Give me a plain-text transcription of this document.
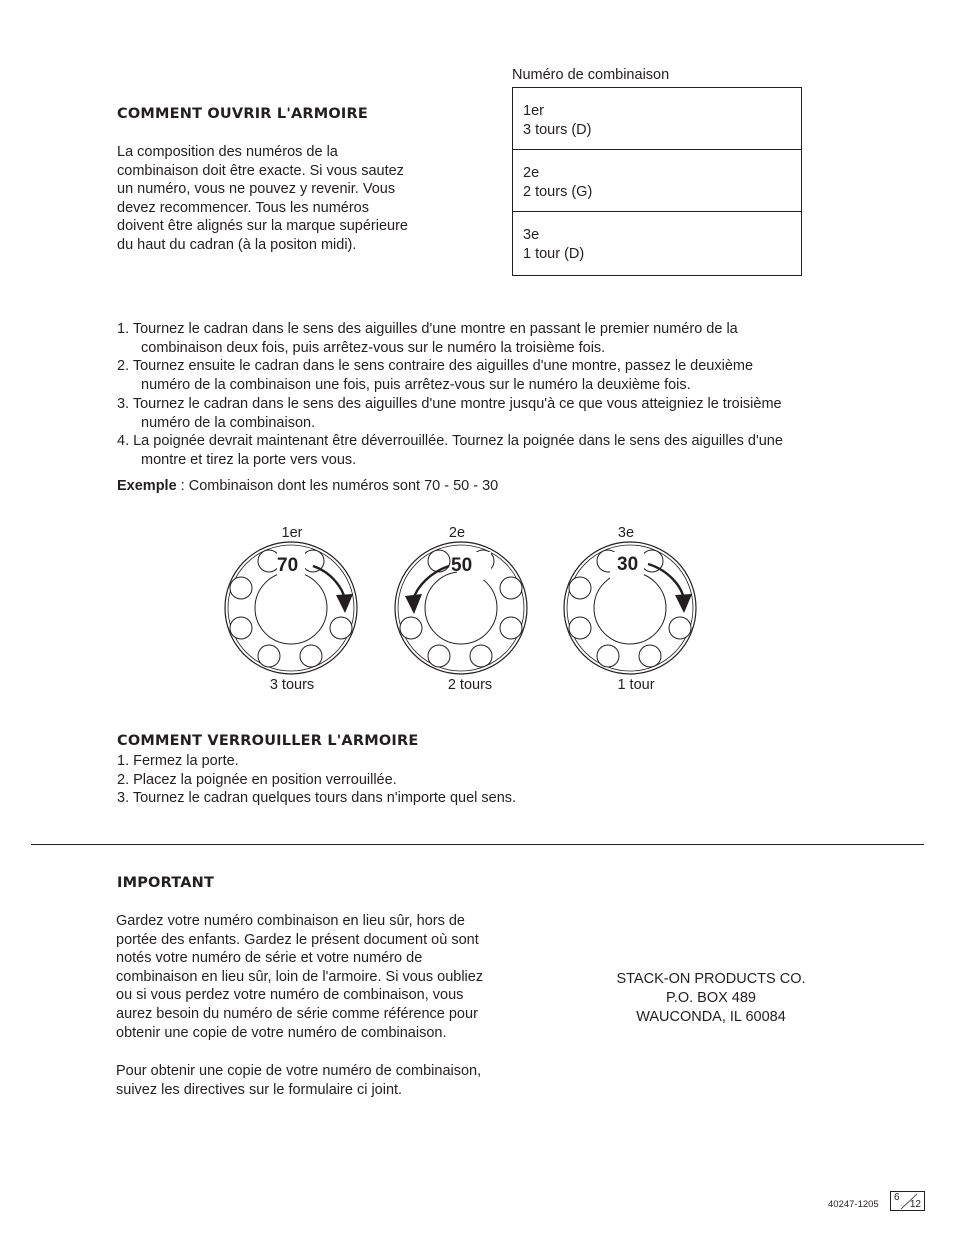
COMMENT OUVRIR L'ARMOIRE
La composition des numéros de la
combinaison doit être exacte. Si vous sautez
un numéro, vous ne pouvez y revenir. Vous
devez recommencer. Tous les numéros
doivent être alignés sur la marque supérieure
du haut du cadran (à la positon midi).
Numéro de combinaison
1er
3 tours (D)
2e
2 tours (G)
3e
1 tour (D)
1. Tournez le cadran dans le sens des aiguilles d'une montre en passant le premier numéro de la
combinaison deux fois, puis arrêtez-vous sur le numéro la troisième fois.
2. Tournez ensuite le cadran dans le sens contraire des aiguilles d'une montre, passez le deuxième
numéro de la combinaison une fois, puis arrêtez-vous sur le numéro la deuxième fois.
3. Tournez le cadran dans le sens des aiguilles d'une montre jusqu'à ce que vous atteigniez le troisième
numéro de la combinaison.
4. La poignée devrait maintenant être déverrouillée. Tournez la poignée dans le sens des aiguilles d'une
montre et tirez la porte vers vous.
Exemple : Combinaison dont les numéros sont 70 - 50 - 30
1er	2e	3e
70	50	30
3 tours	2 tours	1 tour
COMMENT VERROUILLER L'ARMOIRE
1. Fermez la porte.
2. Placez la poignée en position verrouillée.
3. Tournez le cadran quelques tours dans n'importe quel sens.
IMPORTANT
Gardez votre numéro combinaison en lieu sûr, hors de
portée des enfants. Gardez le présent document où sont
notés votre numéro de série et votre numéro de
combinaison en lieu sûr, loin de l'armoire. Si vous oubliez
ou si vous perdez votre numéro de combinaison, vous
aurez besoin du numéro de série comme référence pour
obtenir une copie de votre numéro de combinaison.
Pour obtenir une copie de votre numéro de combinaison,
suivez les directives sur le formulaire ci joint.
STACK-ON PRODUCTS CO.
P.O. BOX 489
WAUCONDA, IL 60084
40247-1205
6
12
